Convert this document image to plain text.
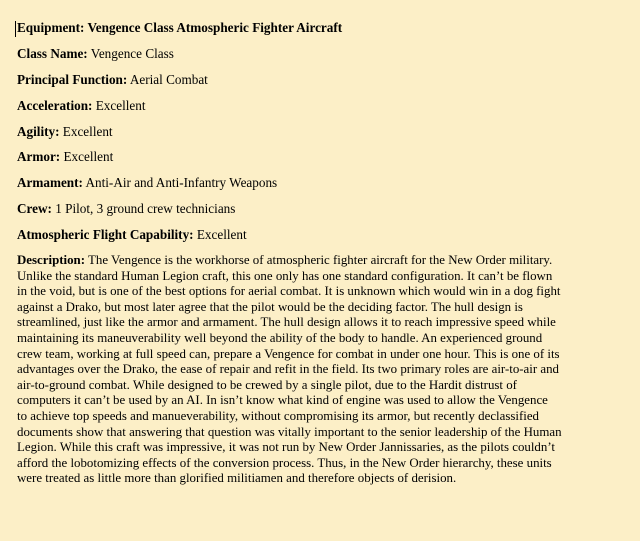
Equipment: Vengence Class Atmospheric Fighter Aircraft
Class Name: Vengence Class
Principal Function: Aerial Combat
Acceleration: Excellent
Agility: Excellent
Armor: Excellent
Armament: Anti-Air and Anti-Infantry Weapons
Crew: 1 Pilot, 3 ground crew technicians
Atmospheric Flight Capability: Excellent

Description: The Vengence is the workhorse of atmospheric fighter aircraft for the New Order military.
Unlike the standard Human Legion craft, this one only has one standard configuration. It can’t be flown
in the void, but is one of the best options for aerial combat. It is unknown which would win in a dog fight
against a Drako, but most later agree that the pilot would be the deciding factor. The hull design is
streamlined, just like the armor and armament. The hull design allows it to reach impressive speed while
maintaining its maneuverability well beyond the ability of the body to handle. An experienced ground
crew team, working at full speed can, prepare a Vengence for combat in under one hour. This is one of its
advantages over the Drako, the ease of repair and refit in the field. Its two primary roles are air-to-air and
air-to-ground combat. While designed to be crewed by a single pilot, due to the Hardit distrust of
computers it can’t be used by an AI. In isn’t know what kind of engine was used to allow the Vengence
to achieve top speeds and manueverability, without compromising its armor, but recently declassified
documents show that answering that question was vitally important to the senior leadership of the Human
Legion. While this craft was impressive, it was not run by New Order Jannissaries, as the pilots couldn’t
afford the lobotomizing effects of the conversion process. Thus, in the New Order hierarchy, these units
were treated as little more than glorified militiamen and therefore objects of derision.
